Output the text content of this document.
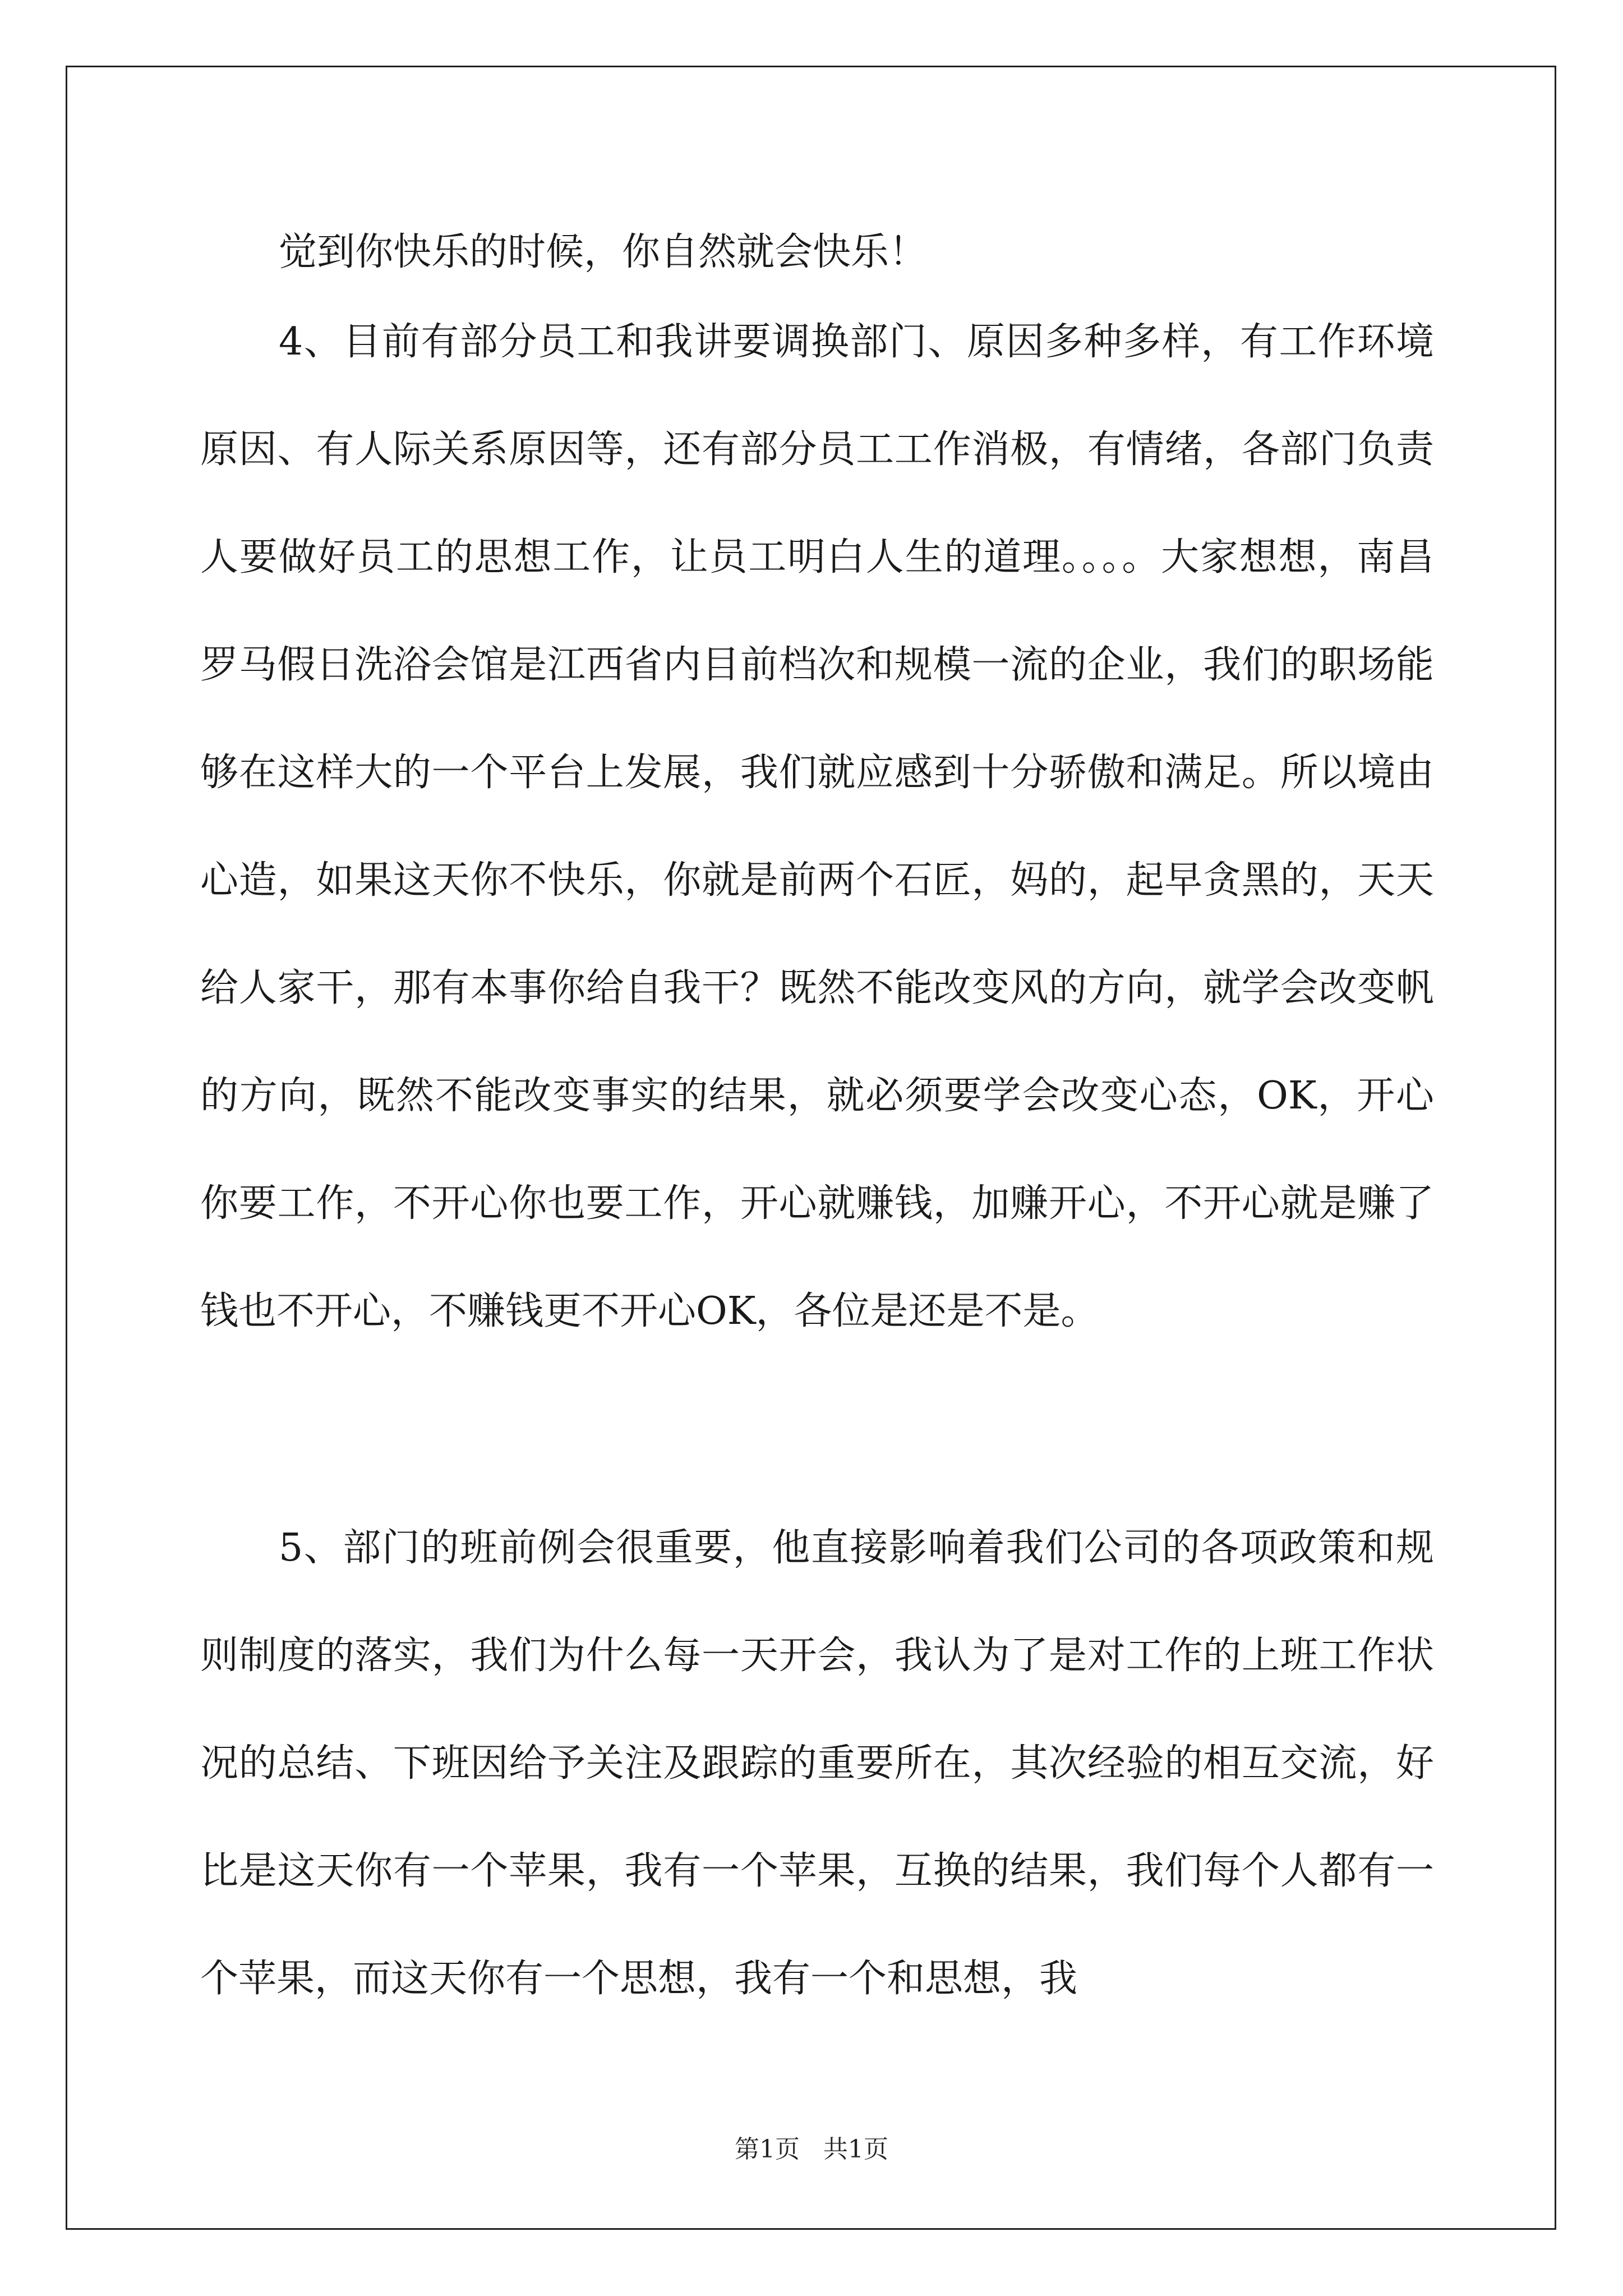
觉到你快乐的时候，你自然就会快乐！

4、目前有部分员工和我讲要调换部门、原因多种多样，有工作环境原因、有人际关系原因等，还有部分员工工作消极，有情绪，各部门负责人要做好员工的思想工作，让员工明白人生的道理。。。。大家想想，南昌罗马假日洗浴会馆是江西省内目前档次和规模一流的企业，我们的职场能够在这样大的一个平台上发展，我们就应感到十分骄傲和满足。所以境由心造，如果这天你不快乐，你就是前两个石匠，妈的，起早贪黑的，天天给人家干，那有本事你给自我干？既然不能改变风的方向，就学会改变帆的方向，既然不能改变事实的结果，就必须要学会改变心态，OK，开心你要工作，不开心你也要工作，开心就赚钱，加赚开心，不开心就是赚了钱也不开心，不赚钱更不开心OK，各位是还是不是。

5、部门的班前例会很重要，他直接影响着我们公司的各项政策和规则制度的落实，我们为什么每一天开会，我认为了是对工作的上班工作状况的总结、下班因给予关注及跟踪的重要所在，其次经验的相互交流，好比是这天你有一个苹果，我有一个苹果，互换的结果，我们每个人都有一个苹果，而这天你有一个思想，我有一个和思想，我

第1页 共1页
